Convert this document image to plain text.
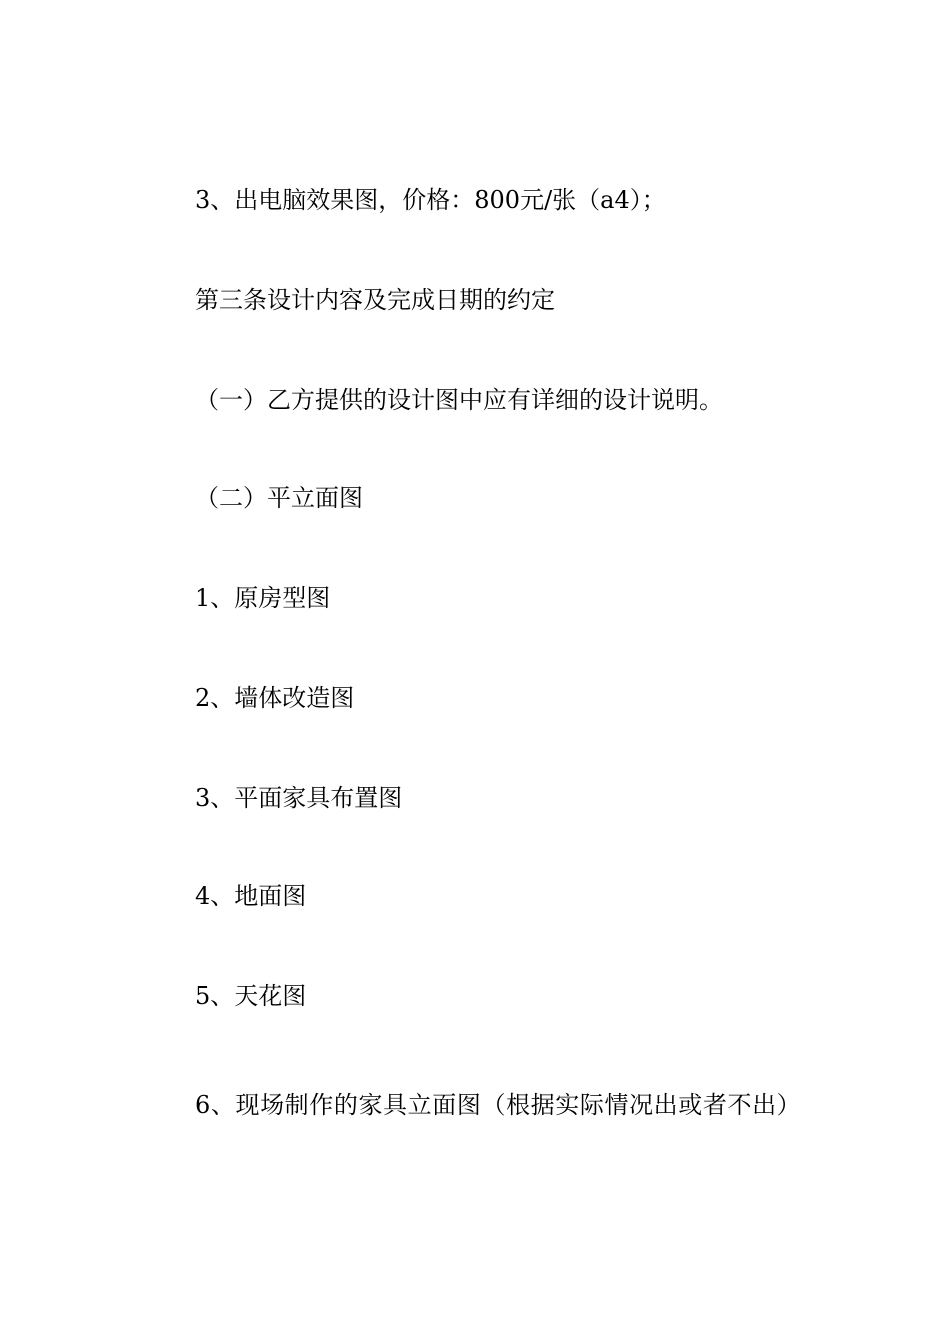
3、出电脑效果图，价格：800元/张（a4）；

第三条设计内容及完成日期的约定

（一）乙方提供的设计图中应有详细的设计说明。

（二）平立面图

1、原房型图

2、墙体改造图

3、平面家具布置图

4、地面图

5、天花图

6、现场制作的家具立面图（根据实际情况出或者不出）
